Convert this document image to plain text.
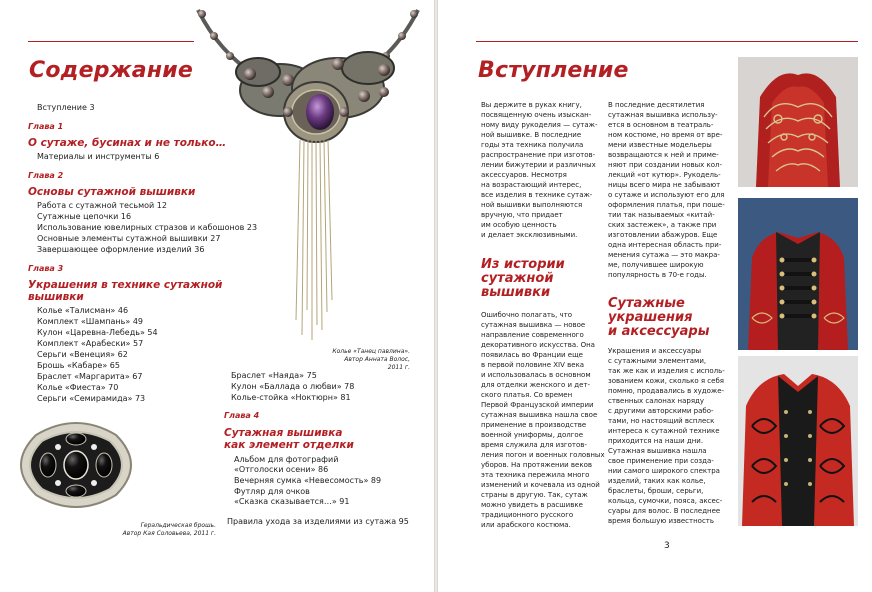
Содержание
Вступление 3
Глава 1
О сутаже, бусинах и не только…
Материалы и инструменты 6
Глава 2
Основы сутажной вышивки
Работа с сутажной тесьмой 12
Сутажные цепочки 16
Использование ювелирных стразов и кабошонов 23
Основные элементы сутажной вышивки 27
Завершающее оформление изделий 36
Глава 3
Украшения в технике сутажной
вышивки
Колье «Талисман» 46
Комплект «Шампань» 49
Кулон «Царевна-Лебедь» 54
Комплект «Арабески» 57
Серьги «Венеция» 62
Брошь «Кабаре» 65
Браслет «Маргарита» 67
Колье «Фиеста» 70
Серьги «Семирамида» 73
Браслет «Наяда» 75
Кулон «Баллада о любви» 78
Колье-стойка «Ноктюрн» 81
Глава 4
Сутажная вышивка
как элемент отделки
Альбом для фотографий
«Отголоски осени» 86
Вечерняя сумка «Невесомость» 89
Футляр для очков
«Сказка сказывается…» 91
Правила ухода за изделиями из сутажа 95
Колье «Танец павлина».
Автор Анната Волос,
2011 г.
Геральдическая брошь.
Автор Кая Соловьева, 2011 г.
Вступление
Вы держите в руках книгу,
посвященную очень изыскан-
ному виду рукоделия — сутаж-
ной вышивке. В последние
годы эта техника получила
распространение при изготов-
лении бижутерии и различных
аксессуаров. Несмотря
на возрастающий интерес,
все изделия в технике сутаж-
ной вышивки выполняются
вручную, что придает
им особую ценность
и делает эксклюзивными.
Из истории
сутажной
вышивки
Ошибочно полагать, что
сутажная вышивка — новое
направление современного
декоративного искусства. Она
появилась во Франции еще
в первой половине XIV века
и использовалась в основном
для отделки женского и дет-
ского платья. Со времен
Первой Французской империи
сутажная вышивка нашла свое
применение в производстве
военной униформы, долгое
время служила для изготов-
ления погон и военных головных
уборов. На протяжении веков
эта техника пережила много
изменений и кочевала из одной
страны в другую. Так, сутаж
можно увидеть в расшивке
традиционного русского
или арабского костюма.
В последние десятилетия
сутажная вышивка использу-
ется в основном в театраль-
ном костюме, но время от вре-
мени известные модельеры
возвращаются к ней и приме-
няют при создании новых кол-
лекций «от кутюр». Рукодель-
ницы всего мира не забывают
о сутаже и используют его для
оформления платья, при поше-
тии так называемых «китай-
ских застежек», а также при
изготовлении абажуров. Еще
одна интересная область при-
менения сутажа — это макра-
ме, получившее широкую
популярность в 70-е годы.
Сутажные
украшения
и аксессуары
Украшения и аксессуары
с сутажными элементами,
так же как и изделия с исполь-
зованием кожи, сколько я себя
помню, продавались в художе-
ственных салонах наряду
с другими авторскими рабо-
тами, но настоящий всплеск
интереса к сутажной технике
приходится на наши дни.
Сутажная вышивка нашла
свое применение при созда-
нии самого широкого спектра
изделий, таких как колье,
браслеты, броши, серьги,
кольца, сумочки, пояса, аксес-
суары для волос. В последнее
время большую известность
3
